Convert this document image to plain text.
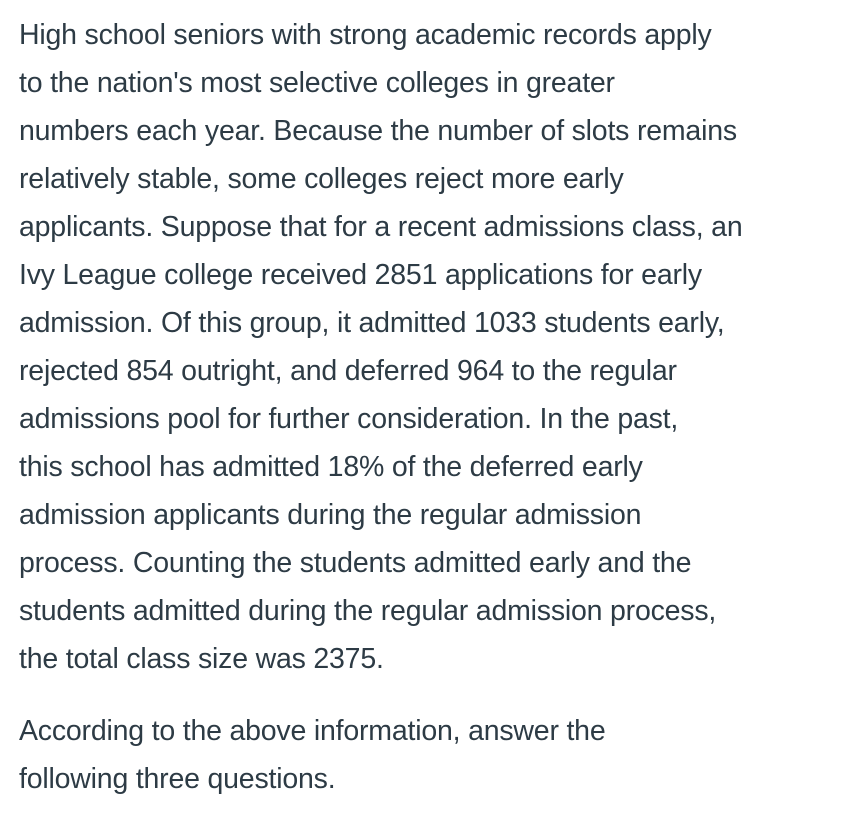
High school seniors with strong academic records apply
to the nation's most selective colleges in greater
numbers each year. Because the number of slots remains
relatively stable, some colleges reject more early
applicants. Suppose that for a recent admissions class, an
Ivy League college received 2851 applications for early
admission. Of this group, it admitted 1033 students early,
rejected 854 outright, and deferred 964 to the regular
admissions pool for further consideration. In the past,
this school has admitted 18% of the deferred early
admission applicants during the regular admission
process. Counting the students admitted early and the
students admitted during the regular admission process,
the total class size was 2375.
According to the above information, answer the
following three questions.
